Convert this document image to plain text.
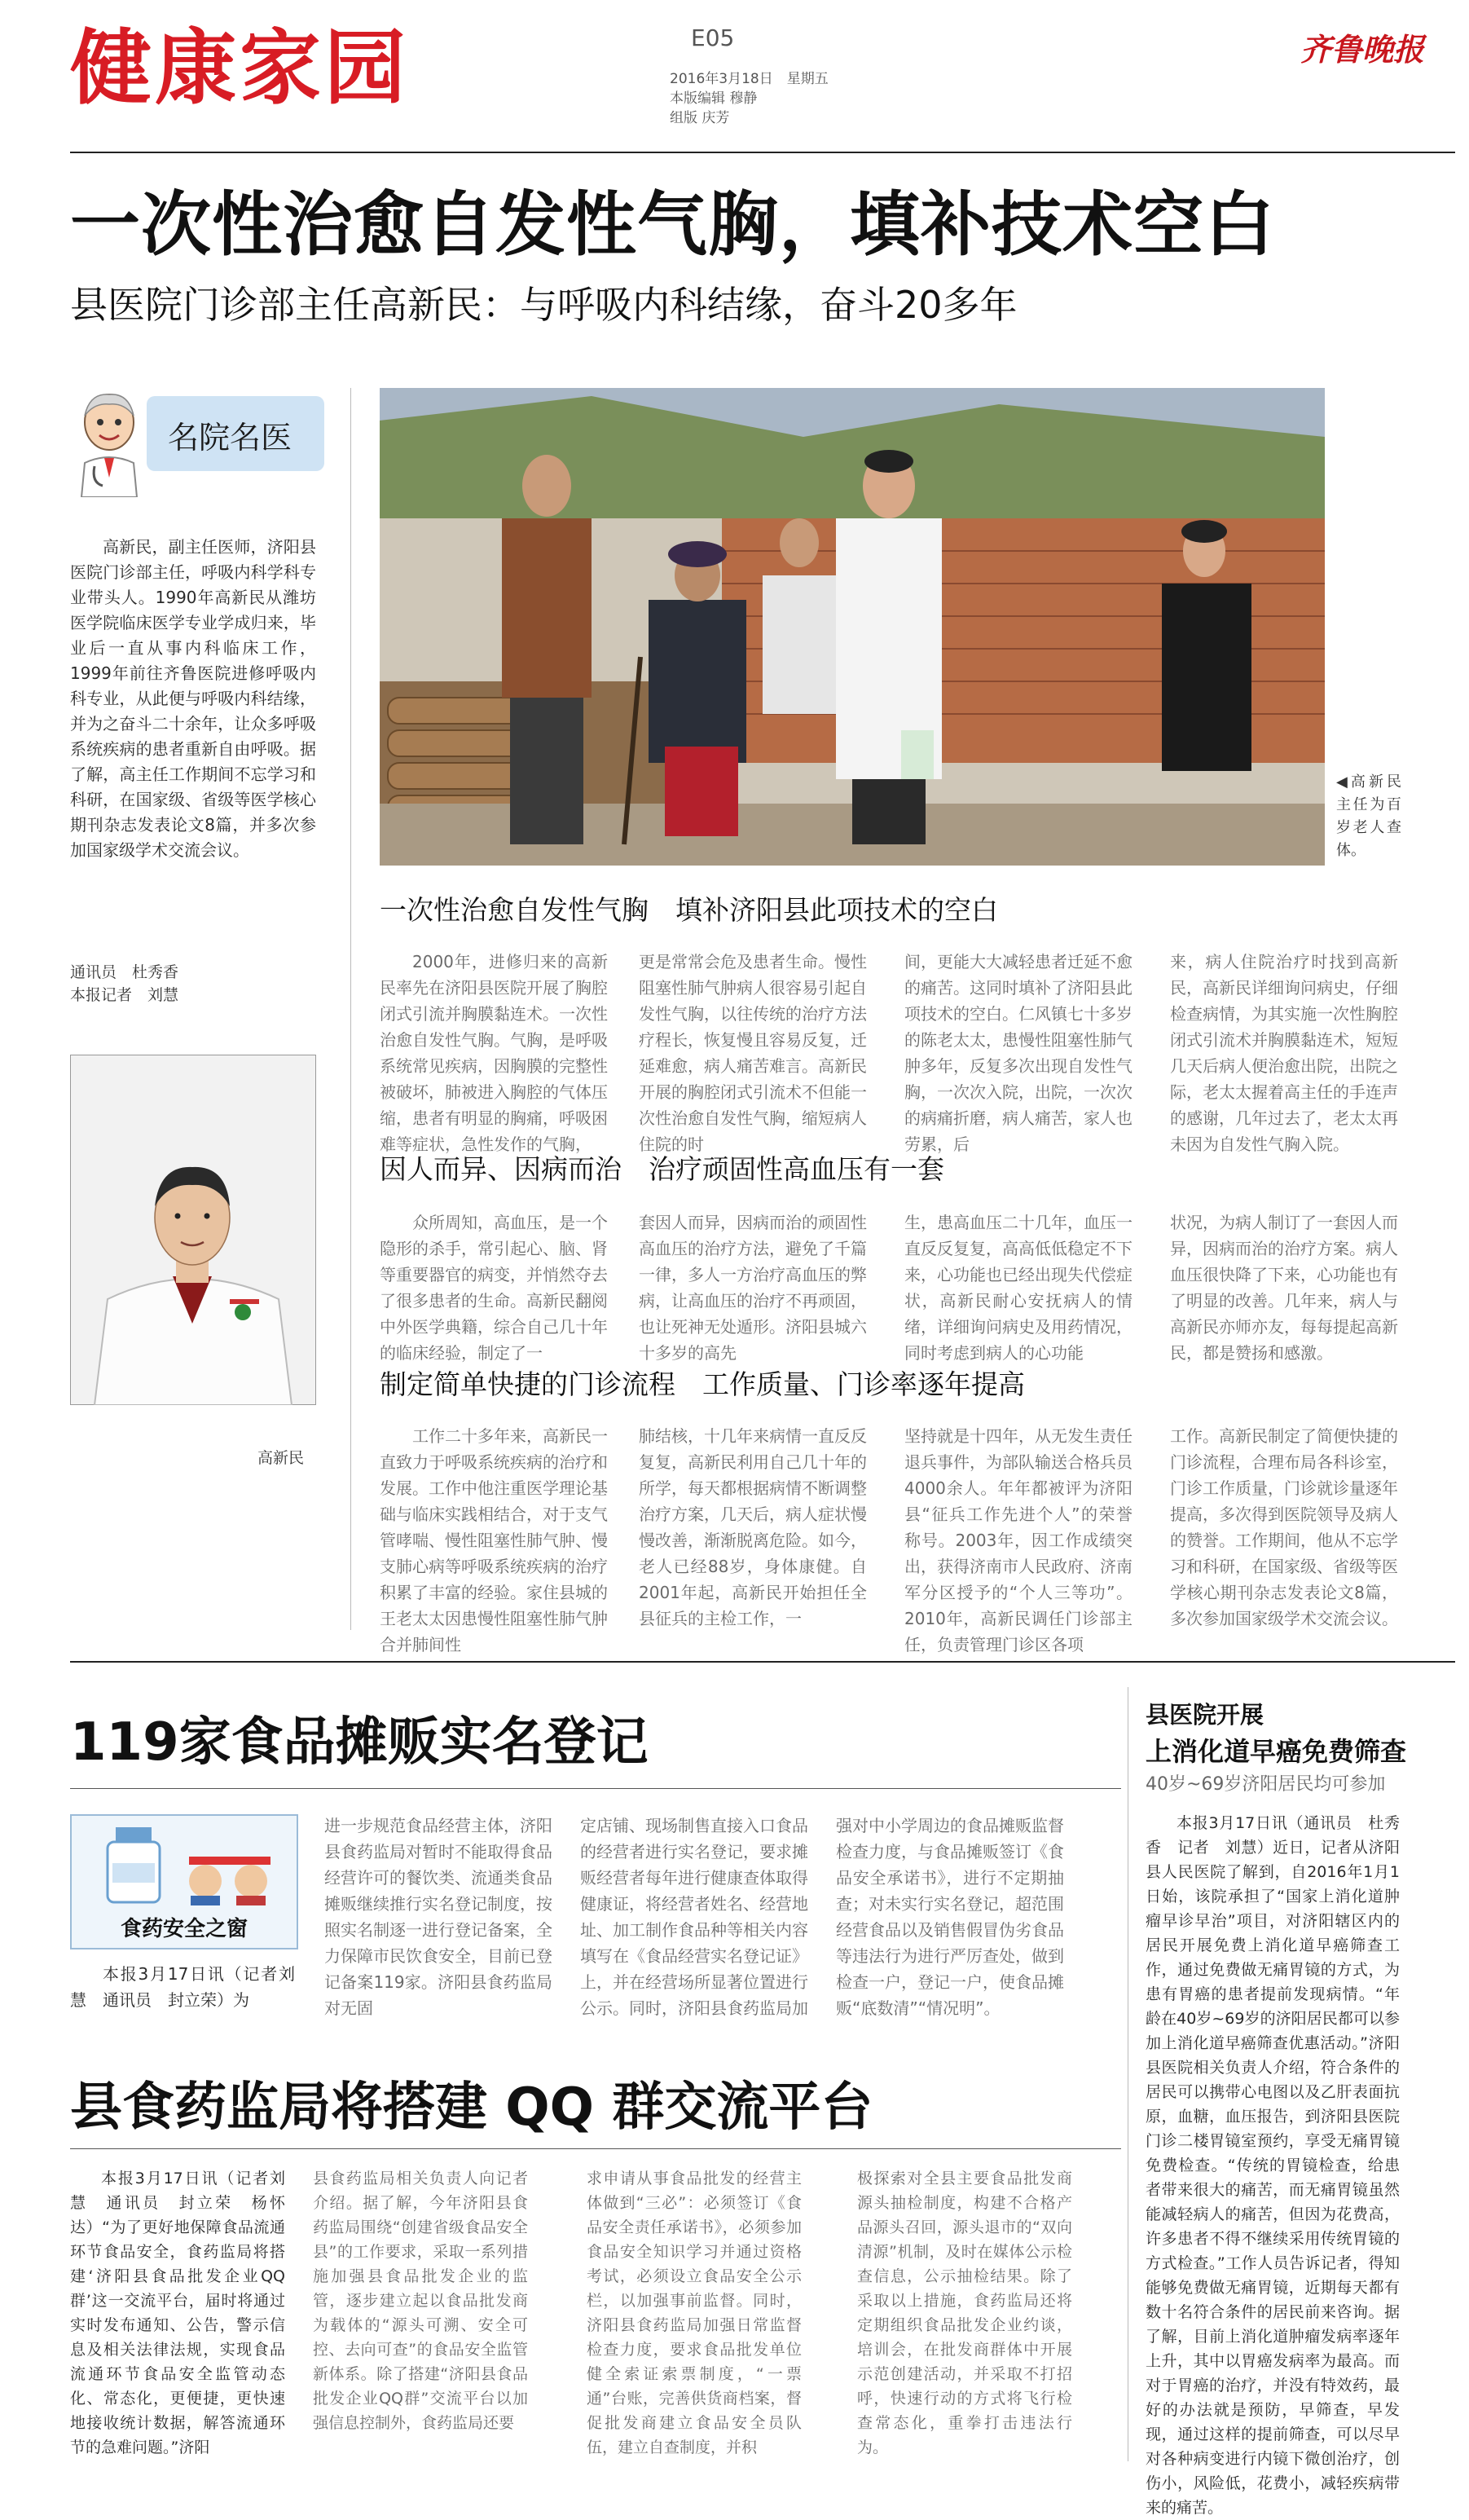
健康家园	E05
2016年3月18日　星期五
本版编辑 穆静
组版 庆芳
齐鲁晚报
一次性治愈自发性气胸，填补技术空白
县医院门诊部主任高新民：与呼吸内科结缘，奋斗20多年
名院名医
高新民，副主任医师，济阳县医院门诊部主任，呼吸内科学科专业带头人。1990年高新民从潍坊医学院临床医学专业学成归来，毕业后一直从事内科临床工作，1999年前往齐鲁医院进修呼吸内科专业，从此便与呼吸内科结缘，并为之奋斗二十余年，让众多呼吸系统疾病的患者重新自由呼吸。据了解，高主任工作期间不忘学习和科研，在国家级、省级等医学核心期刊杂志发表论文8篇，并多次参加国家级学术交流会议。
通讯员　杜秀香
本报记者　刘慧
高新民
◀高新民主任为百岁老人查体。
一次性治愈自发性气胸　填补济阳县此项技术的空白
2000年，进修归来的高新民率先在济阳县医院开展了胸腔闭式引流并胸膜黏连术。一次性治愈自发性气胸。气胸，是呼吸系统常见疾病，因胸膜的完整性被破坏，肺被进入胸腔的气体压缩，患者有明显的胸痛，呼吸困难等症状，急性发作的气胸，
更是常常会危及患者生命。慢性阻塞性肺气肿病人很容易引起自发性气胸，以往传统的治疗方法疗程长，恢复慢且容易反复，迁延难愈，病人痛苦难言。高新民开展的胸腔闭式引流术不但能一次性治愈自发性气胸，缩短病人住院的时
间，更能大大减轻患者迁延不愈的痛苦。这同时填补了济阳县此项技术的空白。仁风镇七十多岁的陈老太太，患慢性阻塞性肺气肿多年，反复多次出现自发性气胸，一次次入院，出院，一次次的病痛折磨，病人痛苦，家人也劳累，后
来，病人住院治疗时找到高新民，高新民详细询问病史，仔细检查病情，为其实施一次性胸腔闭式引流术并胸膜黏连术，短短几天后病人便治愈出院，出院之际，老太太握着高主任的手连声的感谢，几年过去了，老太太再未因为自发性气胸入院。
因人而异、因病而治　治疗顽固性高血压有一套
众所周知，高血压，是一个隐形的杀手，常引起心、脑、肾等重要器官的病变，并悄然夺去了很多患者的生命。高新民翻阅中外医学典籍，综合自己几十年的临床经验，制定了一
套因人而异，因病而治的顽固性高血压的治疗方法，避免了千篇一律，多人一方治疗高血压的弊病，让高血压的治疗不再顽固，也让死神无处遁形。济阳县城六十多岁的高先
生，患高血压二十几年，血压一直反反复复，高高低低稳定不下来，心功能也已经出现失代偿症状，高新民耐心安抚病人的情绪，详细询问病史及用药情况，同时考虑到病人的心功能
状况，为病人制订了一套因人而异，因病而治的治疗方案。病人血压很快降了下来，心功能也有了明显的改善。几年来，病人与高新民亦师亦友，每每提起高新民，都是赞扬和感激。
制定简单快捷的门诊流程　工作质量、门诊率逐年提高
工作二十多年来，高新民一直致力于呼吸系统疾病的治疗和发展。工作中他注重医学理论基础与临床实践相结合，对于支气管哮喘、慢性阻塞性肺气肿、慢支肺心病等呼吸系统疾病的治疗积累了丰富的经验。家住县城的王老太太因患慢性阻塞性肺气肿合并肺间性
肺结核，十几年来病情一直反反复复，高新民利用自己几十年的所学，每天都根据病情不断调整治疗方案，几天后，病人症状慢慢改善，渐渐脱离危险。如今，老人已经88岁，身体康健。自2001年起，高新民开始担任全县征兵的主检工作，一
坚持就是十四年，从无发生责任退兵事件，为部队输送合格兵员4000余人。年年都被评为济阳县“征兵工作先进个人”的荣誉称号。2003年，因工作成绩突出，获得济南市人民政府、济南军分区授予的“个人三等功”。2010年，高新民调任门诊部主任，负责管理门诊区各项
工作。高新民制定了简便快捷的门诊流程，合理布局各科诊室，门诊工作质量，门诊就诊量逐年提高，多次得到医院领导及病人的赞誉。工作期间，他从不忘学习和科研，在国家级、省级等医学核心期刊杂志发表论文8篇，多次参加国家级学术交流会议。
119家食品摊贩实名登记
食药安全之窗
本报3月17日讯（记者刘慧　通讯员　封立荣）为
进一步规范食品经营主体，济阳县食药监局对暂时不能取得食品经营许可的餐饮类、流通类食品摊贩继续推行实名登记制度，按照实名制逐一进行登记备案，全力保障市民饮食安全，目前已登记备案119家。济阳县食药监局对无固
定店铺、现场制售直接入口食品的经营者进行实名登记，要求摊贩经营者每年进行健康查体取得健康证，将经营者姓名、经营地址、加工制作食品种等相关内容填写在《食品经营实名登记证》上，并在经营场所显著位置进行公示。同时，济阳县食药监局加
强对中小学周边的食品摊贩监督检查力度，与食品摊贩签订《食品安全承诺书》，进行不定期抽查；对未实行实名登记，超范围经营食品以及销售假冒伪劣食品等违法行为进行严厉查处，做到检查一户，登记一户，使食品摊贩“底数清”“情况明”。
县食药监局将搭建 QQ 群交流平台
本报3月17日讯（记者刘慧　通讯员　封立荣　杨怀达）“为了更好地保障食品流通环节食品安全，食药监局将搭建‘济阳县食品批发企业QQ群’这一交流平台，届时将通过实时发布通知、公告，警示信息及相关法律法规，实现食品流通环节食品安全监管动态化、常态化，更便捷，更快速地接收统计数据，解答流通环节的急难问题。”济阳
县食药监局相关负责人向记者介绍。据了解，今年济阳县食药监局围绕“创建省级食品安全县”的工作要求，采取一系列措施加强县食品批发企业的监管，逐步建立起以食品批发商为载体的“源头可溯、安全可控、去向可查”的食品安全监管新体系。除了搭建“济阳县食品批发企业QQ群”交流平台以加强信息控制外，食药监局还要
求申请从事食品批发的经营主体做到“三必”：必须签订《食品安全责任承诺书》，必须参加食品安全知识学习并通过资格考试，必须设立食品安全公示栏，以加强事前监督。同时，济阳县食药监局加强日常监督检查力度，要求食品批发单位健全索证索票制度，“一票通”台账，完善供货商档案，督促批发商建立食品安全员队伍，建立自查制度，并积
极探索对全县主要食品批发商源头抽检制度，构建不合格产品源头召回，源头退市的“双向清源”机制，及时在媒体公示检查信息，公示抽检结果。除了采取以上措施，食药监局还将定期组织食品批发企业约谈，培训会，在批发商群体中开展示范创建活动，并采取不打招呼，快速行动的方式将飞行检查常态化，重拳打击违法行为。
县医院开展
上消化道早癌免费筛查
40岁~69岁济阳居民均可参加
本报3月17日讯（通讯员　杜秀香　记者　刘慧）近日，记者从济阳县人民医院了解到，自2016年1月1日始，该院承担了“国家上消化道肿瘤早诊早治”项目，对济阳辖区内的居民开展免费上消化道早癌筛查工作，通过免费做无痛胃镜的方式，为患有胃癌的患者提前发现病情。“年龄在40岁~69岁的济阳居民都可以参加上消化道早癌筛查优惠活动。”济阳县医院相关负责人介绍，符合条件的居民可以携带心电图以及乙肝表面抗原，血糖，血压报告，到济阳县医院门诊二楼胃镜室预约，享受无痛胃镜免费检查。“传统的胃镜检查，给患者带来很大的痛苦，而无痛胃镜虽然能减轻病人的痛苦，但因为花费高，许多患者不得不继续采用传统胃镜的方式检查。”工作人员告诉记者，得知能够免费做无痛胃镜，近期每天都有数十名符合条件的居民前来咨询。据了解，目前上消化道肿瘤发病率逐年上升，其中以胃癌发病率为最高。而对于胃癌的治疗，并没有特效药，最好的办法就是预防，早筛查，早发现，通过这样的提前筛查，可以尽早对各种病变进行内镜下微创治疗，创伤小，风险低，花费小，减轻疾病带来的痛苦。
